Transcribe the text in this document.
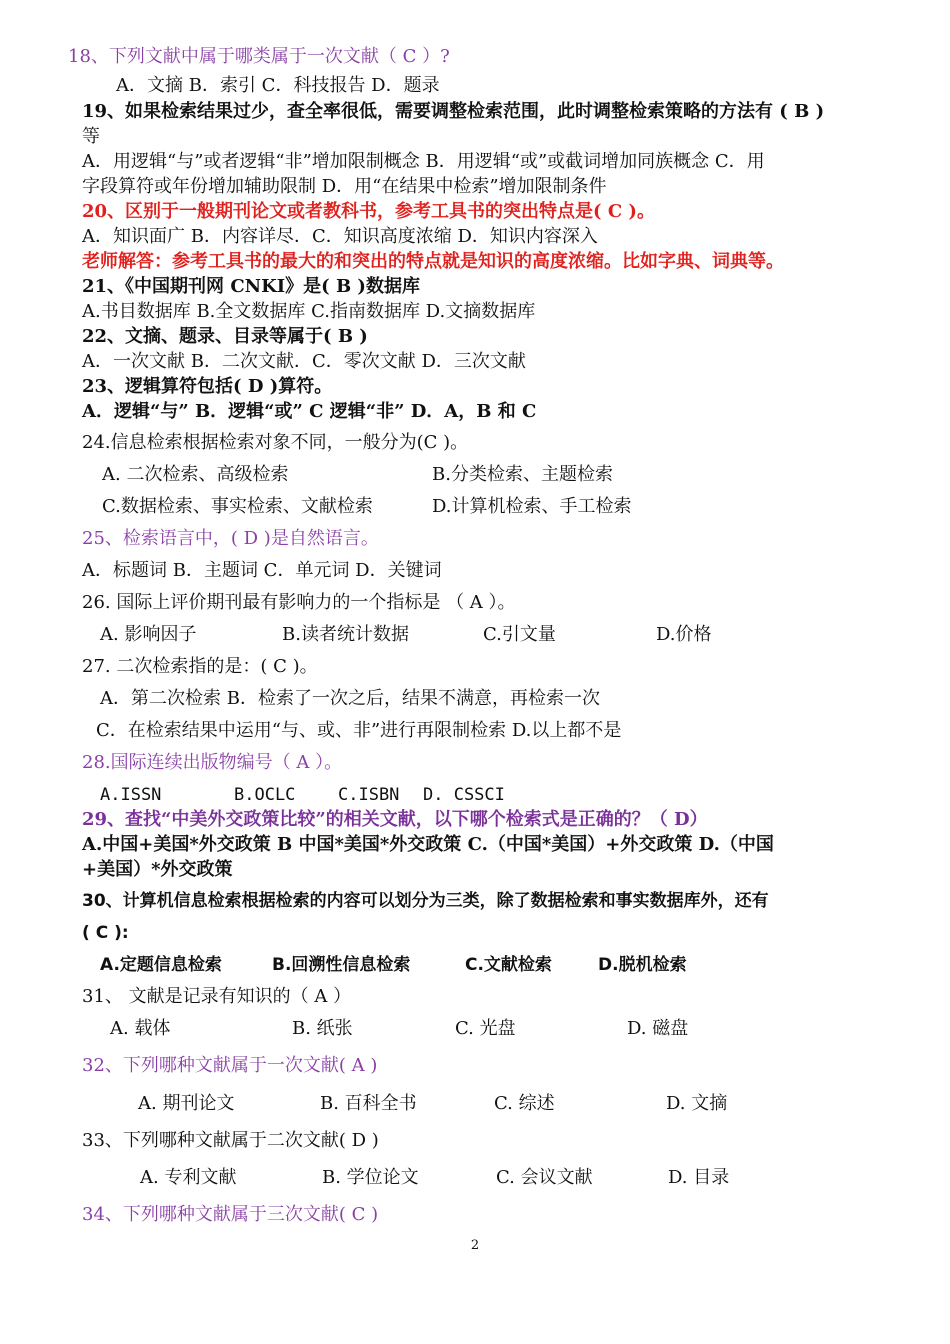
18、下列文献中属于哪类属于一次文献（ C ）?

A．文摘 B．索引 C．科技报告 D．题录

19、如果检索结果过少，查全率很低，需要调整检索范围，此时调整检索策略的方法有 ( B )

等

A．用逻辑“与”或者逻辑“非”增加限制概念 B．用逻辑“或”或截词增加同族概念 C．用

字段算符或年份增加辅助限制 D．用“在结果中检索”增加限制条件

20、区别于一般期刊论文或者教科书，参考工具书的突出特点是( C )。

A．知识面广 B．内容详尽．C．知识高度浓缩 D．知识内容深入

老师解答：参考工具书的最大的和突出的特点就是知识的高度浓缩。比如字典、词典等。

21、《中国期刊网 CNKI》是( B )数据库

A.书目数据库 B.全文数据库 C.指南数据库 D.文摘数据库

22、文摘、题录、目录等属于( B )

A．一次文献 B．二次文献．C．零次文献 D．三次文献

23、逻辑算符包括( D )算符。

A．逻辑“与” B．逻辑“或” C 逻辑“非” D．A，B 和 C

24.信息检索根据检索对象不同，一般分为(C )。

A. 二次检索、高级检索	B.分类检索、主题检索
C.数据检索、事实检索、文献检索	D.计算机检索、手工检索

25、检索语言中，( D )是自然语言。

A．标题词 B．主题词 C．单元词 D．关键词

26. 国际上评价期刊最有影响力的一个指标是 （ A ）。

A. 影响因子	B.读者统计数据	C.引文量	D.价格

27. 二次检索指的是：( C )。

A．第二次检索 B．检索了一次之后，结果不满意，再检索一次

C．在检索结果中运用“与、或、非”进行再限制检索 D.以上都不是

28.国际连续出版物编号（ A ）。

A.ISSN	B.OCLC	C.ISBN D. CSSCI

29、查找“中美外交政策比较”的相关文献，以下哪个检索式是正确的？（ D）

A.中国+美国*外交政策 B 中国*美国*外交政策 C.（中国*美国）+外交政策 D.（中国

+美国）*外交政策

30、计算机信息检索根据检索的内容可以划分为三类，除了数据检索和事实数据库外，还有

( C ):

A.定题信息检索	B.回溯性信息检索	C.文献检索	D.脱机检索

31、 文献是记录有知识的（ A ）

A. 载体	B. 纸张	C. 光盘	D. 磁盘

32、下列哪种文献属于一次文献( A )

A. 期刊论文	B. 百科全书	C. 综述	D. 文摘

33、下列哪种文献属于二次文献( D )

A. 专利文献	B. 学位论文	C. 会议文献	D. 目录

34、下列哪种文献属于三次文献( C )

2
